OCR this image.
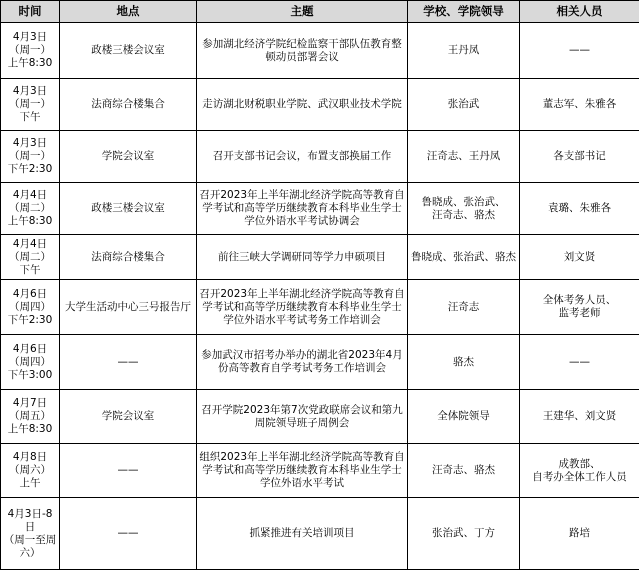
时间	地点	主题	学校、学院领导	相关人员
4月3日
（周一）
上午8:30	政楼三楼会议室	参加湖北经济学院纪检监察干部队伍教育整顿动员部署会议	王丹凤	——
4月3日
（周一）
下午	法商综合楼集合	走访湖北财税职业学院、武汉职业技术学院	张治武	董志军、朱雅各
4月3日
（周一）
下午2:30	学院会议室	召开支部书记会议，布置支部换届工作	汪奇志、王丹凤	各支部书记
4月4日
（周二）
上午8:30	政楼三楼会议室	召开2023年上半年湖北经济学院高等教育自学考试和高等学历继续教育本科毕业生学士学位外语水平考试协调会	鲁晓成、张治武、
汪奇志、骆杰	袁璐、朱雅各
4月4日
（周二）
下午	法商综合楼集合	前往三峡大学调研同等学力申硕项目	鲁晓成、张治武、骆杰	刘文贤
4月6日
（周四）
下午2:30	大学生活动中心三号报告厅	召开2023年上半年湖北经济学院高等教育自学考试和高等学历继续教育本科毕业生学士学位外语水平考试考务工作培训会	汪奇志	全体考务人员、
监考老师
4月6日
（周四）
下午3:00	——	参加武汉市招考办举办的湖北省2023年4月份高等教育自学考试考务工作培训会	骆杰	——
4月7日
（周五）
上午8:30	学院会议室	召开学院2023年第7次党政联席会议和第九周院领导班子周例会	全体院领导	王建华、刘文贤
4月8日
（周六）
上午	——	组织2023年上半年湖北经济学院高等教育自学考试和高等学历继续教育本科毕业生学士学位外语水平考试	汪奇志、骆杰	成教部、
自考办全体工作人员
4月3日-8日
（周一至周
六）	——	抓紧推进有关培训项目	张治武、丁方	路培
